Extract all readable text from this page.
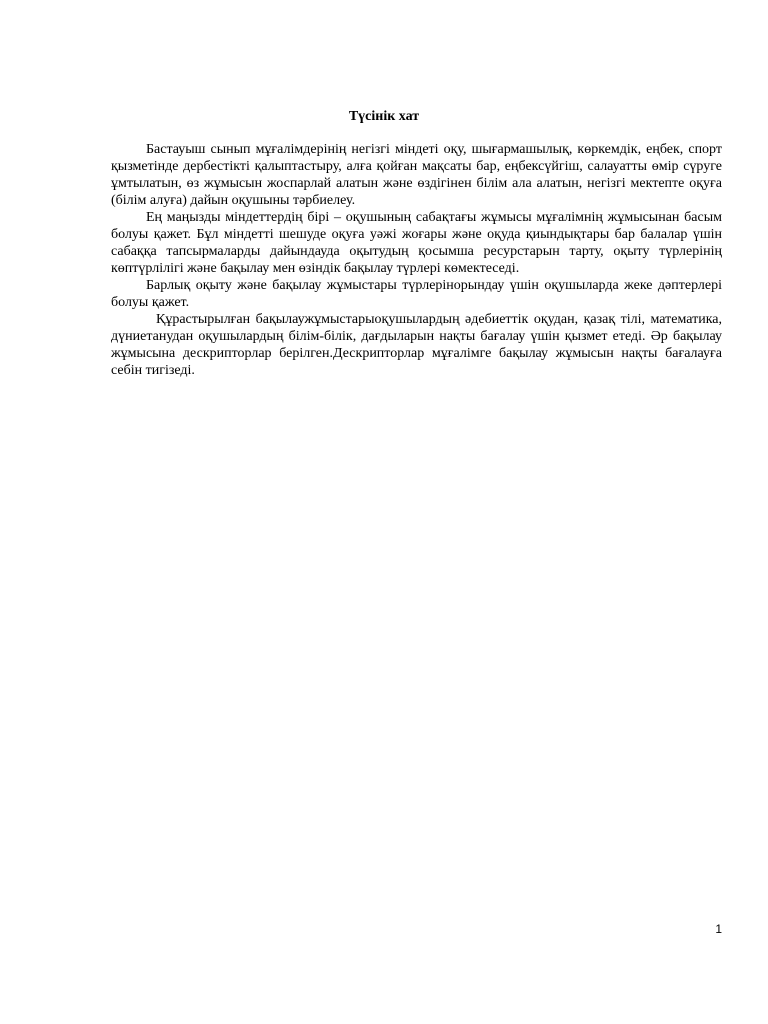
Түсінік хат

Бастауыш сынып мұғалімдерінің негізгі міндеті оқу, шығармашылық, көркемдік, еңбек, спорт қызметінде дербестікті қалыптастыру, алға қойған мақсаты бар, еңбексүйгіш, салауатты өмір сүруге ұмтылатын, өз жұмысын жоспарлай алатын және өздігінен білім ала алатын, негізгі мектепте оқуға (білім алуға) дайын оқушыны тәрбиелеу.

Ең маңызды міндеттердің бірі – оқушының сабақтағы жұмысы мұғалімнің жұмысынан басым болуы қажет. Бұл міндетті шешуде оқуға уәжі жоғары және оқуда қиындықтары бар балалар үшін сабаққа тапсырмаларды дайындауда оқытудың қосымша ресурстарын тарту, оқыту түрлерінің көптүрлілігі және бақылау мен өзіндік бақылау түрлері көмектеседі.

Барлық оқыту және бақылау жұмыстары түрлерінорындау үшін оқушыларда жеке дәптерлері болуы қажет.

Құрастырылған бақылаужұмыстарыоқушылардың әдебиеттік оқудан, қазақ тілі, математика, дүниетанудан оқушылардың білім-білік, дағдыларын нақты бағалау үшін қызмет етеді. Әр бақылау жұмысына дескрипторлар берілген.Дескрипторлар мұғалімге бақылау жұмысын нақты бағалауға себін тигізеді.

1
